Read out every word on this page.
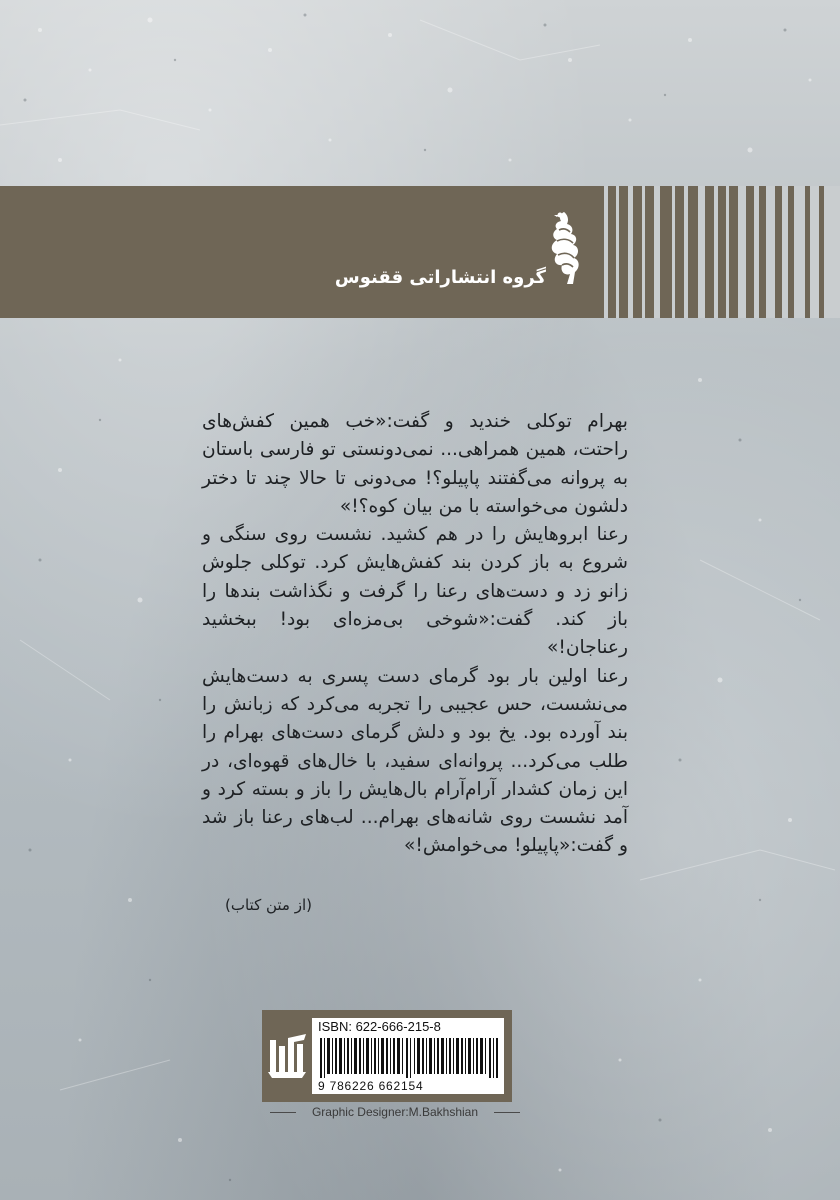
گروه انتشاراتی ققنوس

بهرام توکلی خندید و گفت:«خب همین کفش‌های راحتت، همین همراهی... نمی‌دونستی تو فارسی باستان به پروانه می‌گفتند پاپیلو؟! می‌دونی تا حالا چند تا دختر دلشون می‌خواسته با من بیان کوه؟!»

رعنا ابروهایش را در هم کشید. نشست روی سنگی و شروع به باز کردن بند کفش‌هایش کرد. توکلی جلوش زانو زد و دست‌های رعنا را گرفت و نگذاشت بندها را باز کند. گفت:«شوخی بی‌مزه‌ای بود! ببخشید رعناجان!»

رعنا اولین بار بود گرمای دست پسری به دست‌هایش می‌نشست، حس عجیبی را تجربه می‌کرد که زبانش را بند آورده بود. یخ بود و دلش گرمای دست‌های بهرام را طلب می‌کرد... پروانه‌ای سفید، با خال‌های قهوه‌ای، در این زمان کشدار آرام‌آرام بال‌هایش را باز و بسته کرد و آمد نشست روی شانه‌های بهرام... لب‌های رعنا باز شد و گفت:«پاپیلو! می‌خوامش!»

(از متن کتاب)
ISBN: 622-666-215-8
9 786226 662154
Graphic Designer:M.Bakhshian
